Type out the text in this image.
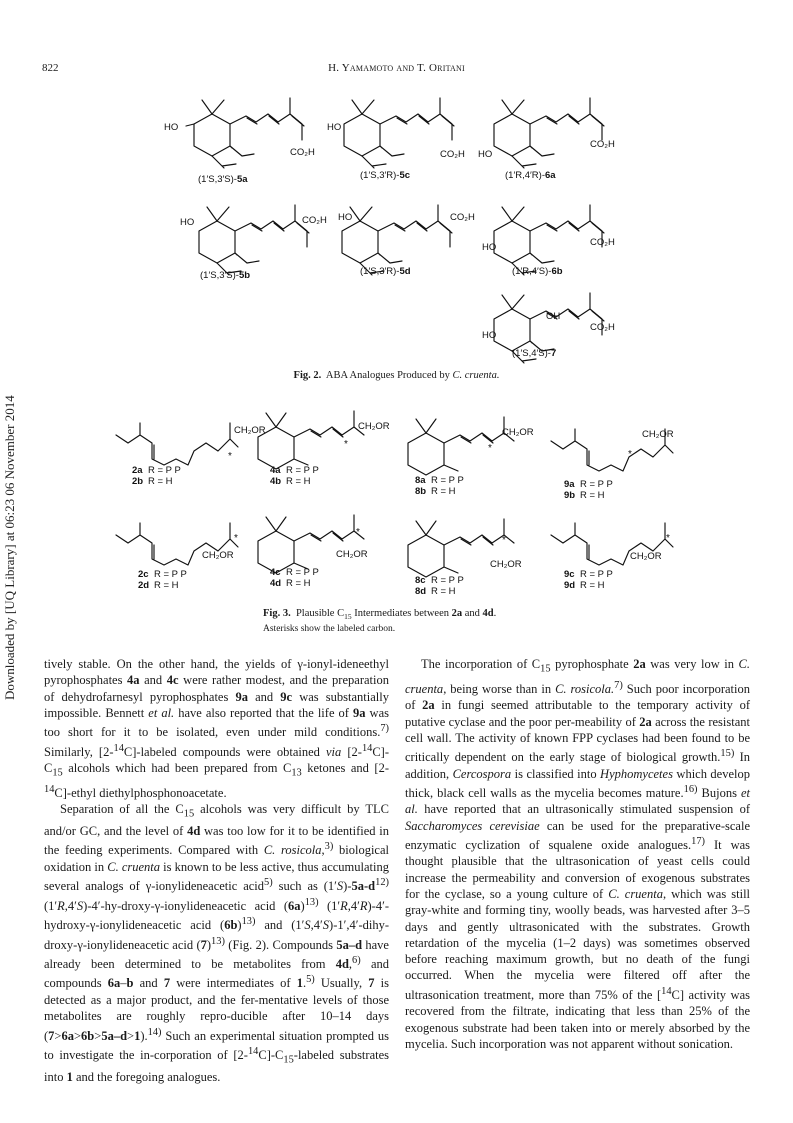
822	H. Yamamoto and T. Oritani
Downloaded by [UQ Library] at 06:23 06 November 2014
HO
CO₂H
(1′S,3′S)-5a
HO
CO₂H
(1′S,3′R)-5c
HO
CO₂H
(1′R,4′R)-6a
HO	CO₂H
(1′S,3′S)-5b
HO	CO₂H
(1′S,3′R)-5d
HO	CO₂H
(1′R,4′S)-6b
HO
OH
CO₂H
(1′S,4′S)-7
Fig. 2. ABA Analogues Produced by C. cruenta.
CH₂OR
*
2a R = P P
2b R = H
CH₂OR
*
4a R = P P
4b R = H
CH₂OR
*
8a R = P P
8b R = H
CH₂OR
*
9a R = P P
9b R = H
*
CH₂OR
2c R = P P
2d R = H
*
CH₂OR
4c R = P P
4d R = H
*
CH₂OR
8c R = P P
8d R = H
*
CH₂OR
9c R = P P
9d R = H
Fig. 3. Plausible $C_{15}$ Intermediates between 2a and 4d.
Asterisks show the labeled carbon.

tively stable. On the other hand, the yields of γ-ionyl-ideneethyl pyrophosphates 4a and 4c were rather modest, and the preparation of dehydrofarnesyl pyrophosphates 9a and 9c was substantially impossible. Bennett et al. have also reported that the life of 9a was too short for it to be isolated, even under mild conditions.$^{7)}$ Similarly, [2-$^{14}$C]-labeled compounds were obtained via $[2-^{14}C]-C_{15}$ alcohols which had been prepared from $C_{13}$ ketones and [2-$^{14}$C]-ethyl diethylphosphonoacetate.

Separation of all the $C_{15}$ alcohols was very difficult by TLC and/or GC, and the level of 4d was too low for it to be identified in the feeding experiments. Compared with C. rosicola,$^{3)}$ biological oxidation in C. cruenta is known to be less active, thus accumulating several analogs of γ-ionylideneacetic acid$^{5)}$ such as $(1'S)-5a-d^{12)}$ (1′R,4′S)-4′-hy-droxy-γ-ionylideneacetic acid $(6a)^{13)}$ (1′R,4′R)-4′-hydroxy-γ-ionylideneacetic acid $(6b)^{13)}$ and (1′S,4′S)-1′,4′-dihy-droxy-γ-ionylideneacetic acid $(7)^{13)}$ (Fig. 2). Compounds 5a–d have already been determined to be metabolites from 4d,$^{6)}$ and compounds 6a–b and 7 were intermediates of 1.$^{5)}$ Usually, 7 is detected as a major product, and the fer-mentative levels of those metabolites are roughly repro-ducible after 10–14 days (7>6a>6b>5a–d>1).$^{14)}$ Such an experimental situation prompted us to investigate the in-corporation of $[2-^{14}C]-C_{15}$-labeled substrates into 1 and the foregoing analogues.

The incorporation of $C_{15}$ pyrophosphate 2a was very low in C. cruenta, being worse than in C. rosicola.$^{7)}$ Such poor incorporation of 2a in fungi seemed attributable to the temporary activity of putative cyclase and the poor per-meability of 2a across the resistant cell wall. The activity of known FPP cyclases had been found to be critically dependent on the early stage of biological growth.$^{15)}$ In addition, Cercospora is classified into Hyphomycetes which develop thick, black cell walls as the mycelia becomes mature.$^{16)}$ Bujons et al. have reported that an ultrasonically stimulated suspension of Saccharomyces cerevisiae can be used for the preparative-scale enzymatic cyclization of squalene oxide analogues.$^{17)}$ It was thought plausible that the ultrasonication of yeast cells could increase the permeability and conversion of exogenous substrates for the cyclase, so a young culture of C. cruenta, which was still gray-white and forming tiny, woolly beads, was harvested after 3–5 days and gently ultrasonicated with the substrates. Growth retardation of the mycelia (1–2 days) was sometimes observed before reaching maximum growth, but no death of the fungi occurred. When the mycelia were filtered off after the ultrasonication treatment, more than 75% of the [$^{14}$C] activity was recovered from the filtrate, indicating that less than 25% of the exogenous substrate had been taken into or merely absorbed by the mycelia. Such incorporation was not apparent without sonication.
